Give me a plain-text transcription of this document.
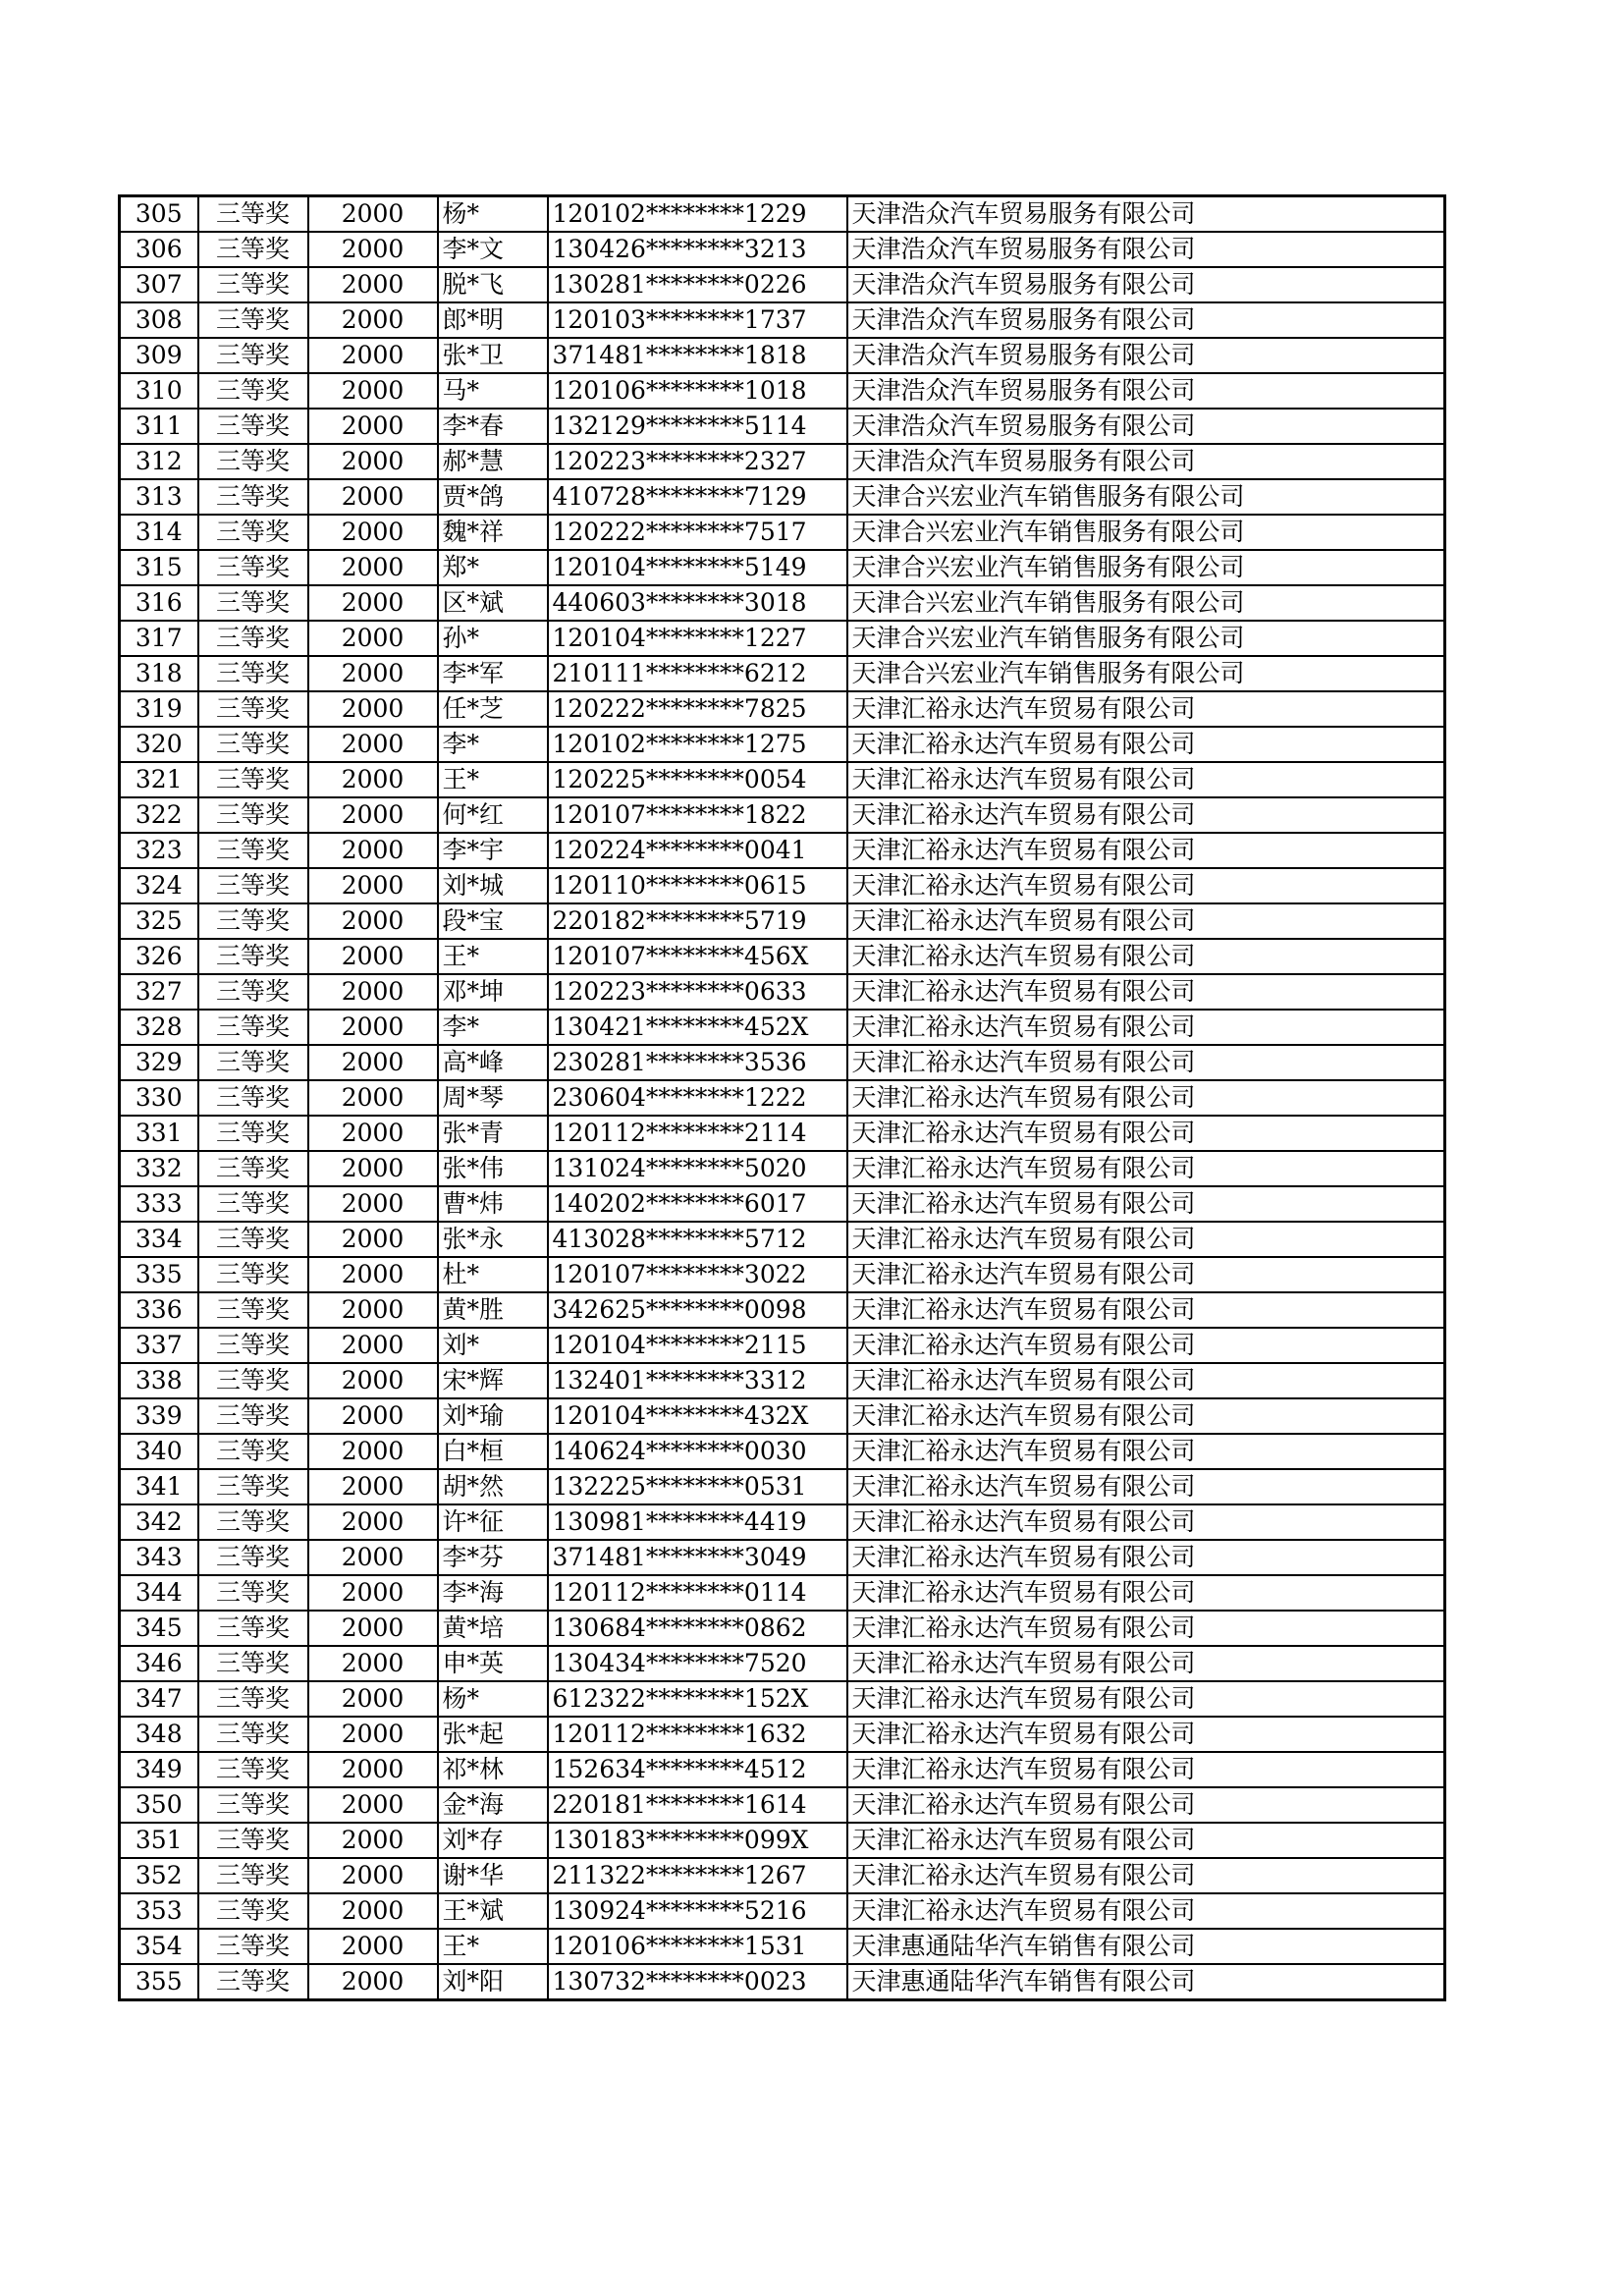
305	三等奖	2000	杨*	120102********1229	天津浩众汽车贸易服务有限公司
306	三等奖	2000	李*文	130426********3213	天津浩众汽车贸易服务有限公司
307	三等奖	2000	脱*飞	130281********0226	天津浩众汽车贸易服务有限公司
308	三等奖	2000	郎*明	120103********1737	天津浩众汽车贸易服务有限公司
309	三等奖	2000	张*卫	371481********1818	天津浩众汽车贸易服务有限公司
310	三等奖	2000	马*	120106********1018	天津浩众汽车贸易服务有限公司
311	三等奖	2000	李*春	132129********5114	天津浩众汽车贸易服务有限公司
312	三等奖	2000	郝*慧	120223********2327	天津浩众汽车贸易服务有限公司
313	三等奖	2000	贾*鸽	410728********7129	天津合兴宏业汽车销售服务有限公司
314	三等奖	2000	魏*祥	120222********7517	天津合兴宏业汽车销售服务有限公司
315	三等奖	2000	郑*	120104********5149	天津合兴宏业汽车销售服务有限公司
316	三等奖	2000	区*斌	440603********3018	天津合兴宏业汽车销售服务有限公司
317	三等奖	2000	孙*	120104********1227	天津合兴宏业汽车销售服务有限公司
318	三等奖	2000	李*军	210111********6212	天津合兴宏业汽车销售服务有限公司
319	三等奖	2000	任*芝	120222********7825	天津汇裕永达汽车贸易有限公司
320	三等奖	2000	李*	120102********1275	天津汇裕永达汽车贸易有限公司
321	三等奖	2000	王*	120225********0054	天津汇裕永达汽车贸易有限公司
322	三等奖	2000	何*红	120107********1822	天津汇裕永达汽车贸易有限公司
323	三等奖	2000	李*宇	120224********0041	天津汇裕永达汽车贸易有限公司
324	三等奖	2000	刘*城	120110********0615	天津汇裕永达汽车贸易有限公司
325	三等奖	2000	段*宝	220182********5719	天津汇裕永达汽车贸易有限公司
326	三等奖	2000	王*	120107********456X	天津汇裕永达汽车贸易有限公司
327	三等奖	2000	邓*坤	120223********0633	天津汇裕永达汽车贸易有限公司
328	三等奖	2000	李*	130421********452X	天津汇裕永达汽车贸易有限公司
329	三等奖	2000	高*峰	230281********3536	天津汇裕永达汽车贸易有限公司
330	三等奖	2000	周*琴	230604********1222	天津汇裕永达汽车贸易有限公司
331	三等奖	2000	张*青	120112********2114	天津汇裕永达汽车贸易有限公司
332	三等奖	2000	张*伟	131024********5020	天津汇裕永达汽车贸易有限公司
333	三等奖	2000	曹*炜	140202********6017	天津汇裕永达汽车贸易有限公司
334	三等奖	2000	张*永	413028********5712	天津汇裕永达汽车贸易有限公司
335	三等奖	2000	杜*	120107********3022	天津汇裕永达汽车贸易有限公司
336	三等奖	2000	黄*胜	342625********0098	天津汇裕永达汽车贸易有限公司
337	三等奖	2000	刘*	120104********2115	天津汇裕永达汽车贸易有限公司
338	三等奖	2000	宋*辉	132401********3312	天津汇裕永达汽车贸易有限公司
339	三等奖	2000	刘*瑜	120104********432X	天津汇裕永达汽车贸易有限公司
340	三等奖	2000	白*桓	140624********0030	天津汇裕永达汽车贸易有限公司
341	三等奖	2000	胡*然	132225********0531	天津汇裕永达汽车贸易有限公司
342	三等奖	2000	许*征	130981********4419	天津汇裕永达汽车贸易有限公司
343	三等奖	2000	李*芬	371481********3049	天津汇裕永达汽车贸易有限公司
344	三等奖	2000	李*海	120112********0114	天津汇裕永达汽车贸易有限公司
345	三等奖	2000	黄*培	130684********0862	天津汇裕永达汽车贸易有限公司
346	三等奖	2000	申*英	130434********7520	天津汇裕永达汽车贸易有限公司
347	三等奖	2000	杨*	612322********152X	天津汇裕永达汽车贸易有限公司
348	三等奖	2000	张*起	120112********1632	天津汇裕永达汽车贸易有限公司
349	三等奖	2000	祁*林	152634********4512	天津汇裕永达汽车贸易有限公司
350	三等奖	2000	金*海	220181********1614	天津汇裕永达汽车贸易有限公司
351	三等奖	2000	刘*存	130183********099X	天津汇裕永达汽车贸易有限公司
352	三等奖	2000	谢*华	211322********1267	天津汇裕永达汽车贸易有限公司
353	三等奖	2000	王*斌	130924********5216	天津汇裕永达汽车贸易有限公司
354	三等奖	2000	王*	120106********1531	天津惠通陆华汽车销售有限公司
355	三等奖	2000	刘*阳	130732********0023	天津惠通陆华汽车销售有限公司
